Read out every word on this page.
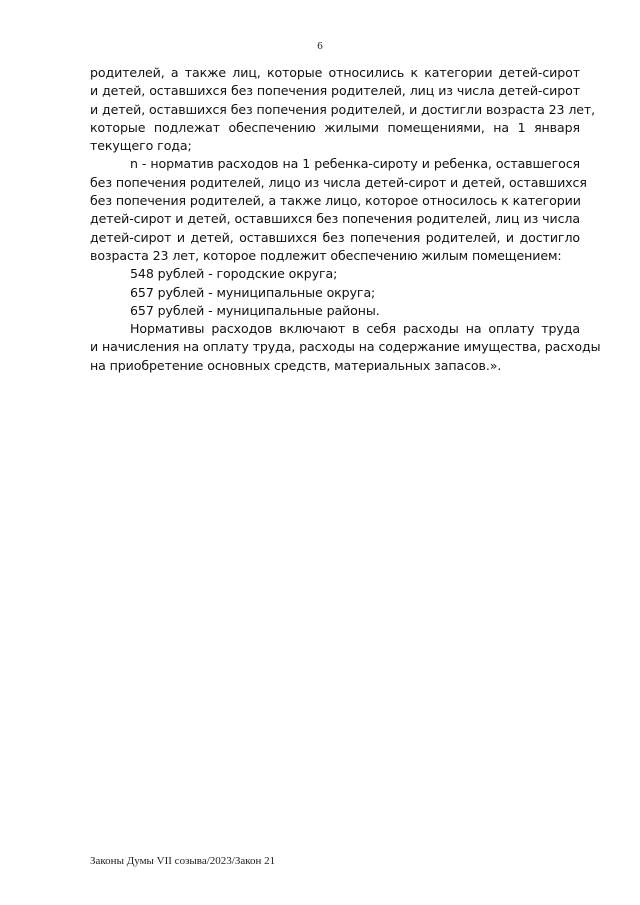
6
родителей, а также лиц, которые относились к категории детей-сирот
и детей, оставшихся без попечения родителей, лиц из числа детей-сирот
и детей, оставшихся без попечения родителей, и достигли возраста 23 лет,
которые подлежат обеспечению жилыми помещениями, на 1 января
текущего года;
n - норматив расходов на 1 ребенка-сироту и ребенка, оставшегося
без попечения родителей, лицо из числа детей-сирот и детей, оставшихся
без попечения родителей, а также лицо, которое относилось к категории
детей-сирот и детей, оставшихся без попечения родителей, лиц из числа
детей-сирот и детей, оставшихся без попечения родителей, и достигло
возраста 23 лет, которое подлежит обеспечению жилым помещением:
548 рублей - городские округа;
657 рублей - муниципальные округа;
657 рублей - муниципальные районы.
Нормативы расходов включают в себя расходы на оплату труда
и начисления на оплату труда, расходы на содержание имущества, расходы
на приобретение основных средств, материальных запасов.».
Законы Думы VII созыва/2023/Закон 21
